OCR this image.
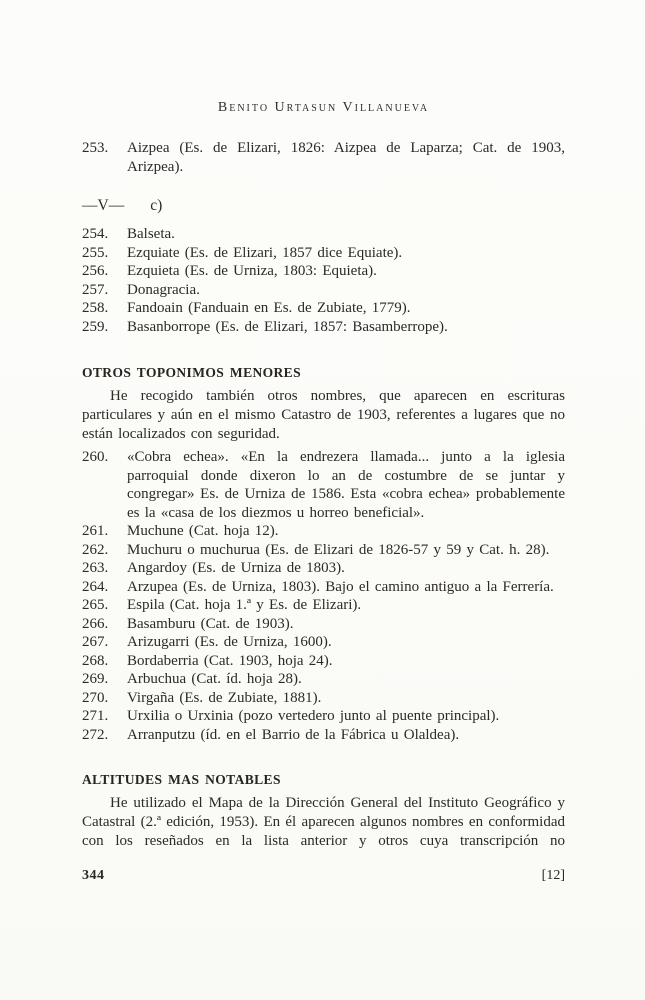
Benito Urtasun Villanueva
253.	Aizpea (Es. de Elizari, 1826: Aizpea de Laparza; Cat. de 1903, Arizpea).
—V— c)
254.	Balseta.
255.	Ezquiate (Es. de Elizari, 1857 dice Equiate).
256.	Ezquieta (Es. de Urniza, 1803: Equieta).
257.	Donagracia.
258.	Fandoain (Fanduain en Es. de Zubiate, 1779).
259.	Basanborrope (Es. de Elizari, 1857: Basamberrope).
OTROS TOPONIMOS MENORES

He recogido también otros nombres, que aparecen en escrituras particulares y aún en el mismo Catastro de 1903, referentes a lugares que no están localizados con seguridad.

260.	«Cobra echea». «En la endrezera llamada... junto a la iglesia parroquial donde dixeron lo an de costumbre de se juntar y congregar» Es. de Urniza de 1586. Esta «cobra echea» probablemente es la «casa de los diezmos u horreo beneficial».
261.	Muchune (Cat. hoja 12).
262.	Muchuru o muchurua (Es. de Elizari de 1826-57 y 59 y Cat. h. 28).
263.	Angardoy (Es. de Urniza de 1803).
264.	Arzupea (Es. de Urniza, 1803). Bajo el camino antiguo a la Ferrería.
265.	Espila (Cat. hoja 1.ª y Es. de Elizari).
266.	Basamburu (Cat. de 1903).
267.	Arizugarri (Es. de Urniza, 1600).
268.	Bordaberria (Cat. 1903, hoja 24).
269.	Arbuchua (Cat. íd. hoja 28).
270.	Virgaña (Es. de Zubiate, 1881).
271.	Urxilia o Urxinia (pozo vertedero junto al puente principal).
272.	Arranputzu (íd. en el Barrio de la Fábrica u Olaldea).
ALTITUDES MAS NOTABLES

He utilizado el Mapa de la Dirección General del Instituto Geográfico y Catastral (2.ª edición, 1953). En él aparecen algunos nombres en conformidad con los reseñados en la lista anterior y otros cuya transcripción no

344	[12]
